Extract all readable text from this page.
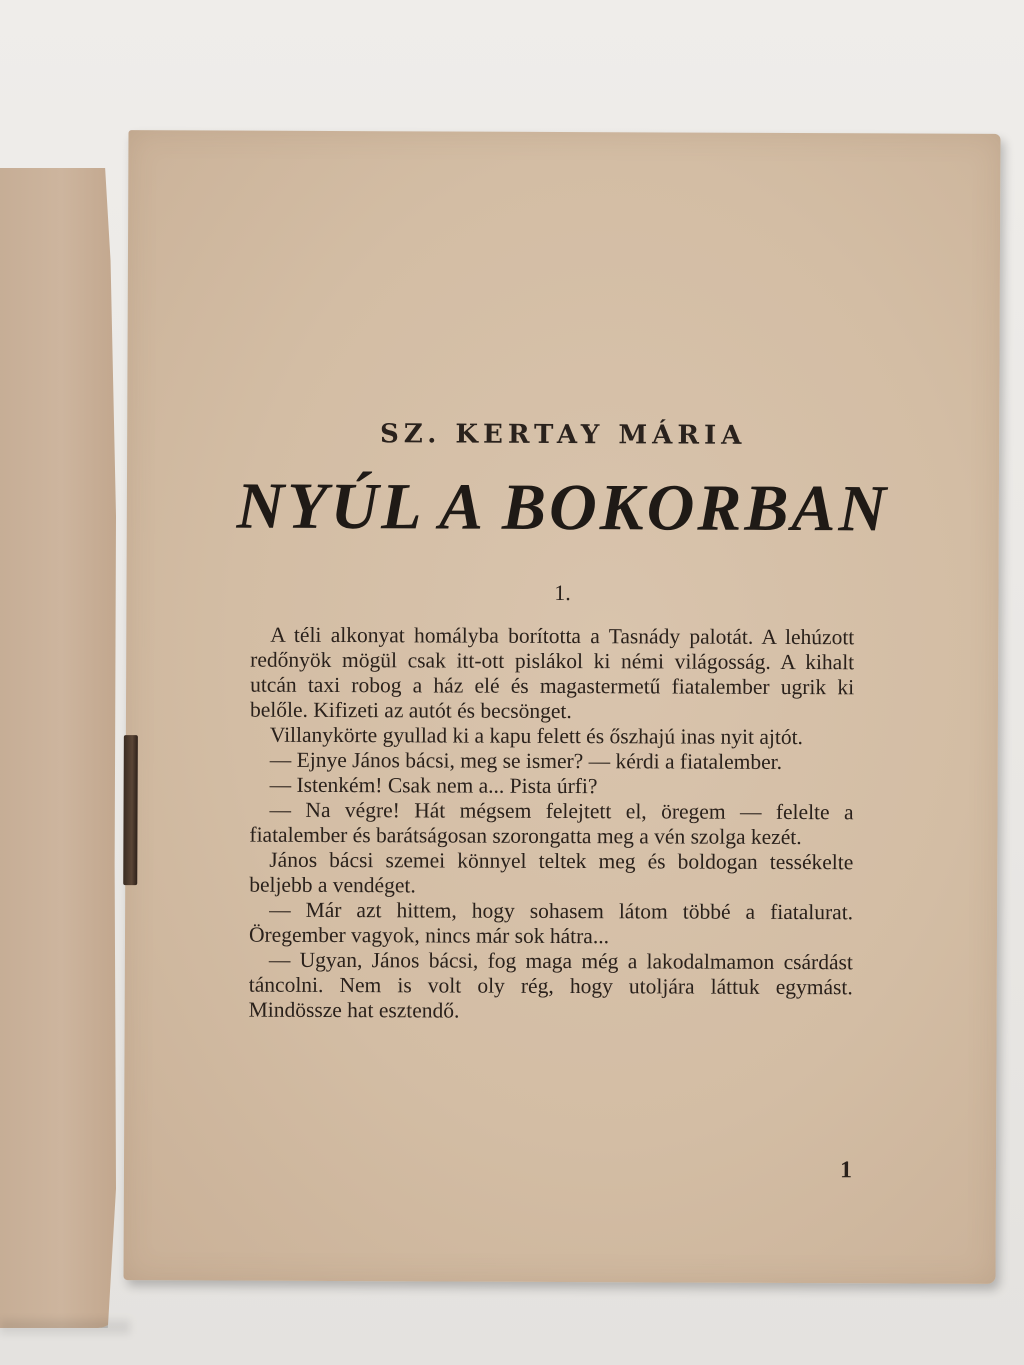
SZ. KERTAY MÁRIA
NYÚL A BOKORBAN
1.

A téli alkonyat homályba borította a Tasnády palotát. A lehúzott redőnyök mögül csak itt-ott pislákol ki némi világosság. A kihalt utcán taxi robog a ház elé és magastermetű fiatalember ugrik ki belőle. Kifizeti az autót és becsönget.

Villanykörte gyullad ki a kapu felett és őszhajú inas nyit ajtót.

— Ejnye János bácsi, meg se ismer? — kérdi a fiatalember.

— Istenkém! Csak nem a... Pista úrfi?

— Na végre! Hát mégsem felejtett el, öregem — felelte a fiatalember és barátságosan szorongatta meg a vén szolga kezét.

János bácsi szemei könnyel teltek meg és boldogan tessékelte beljebb a vendéget.

— Már azt hittem, hogy sohasem látom többé a fiatalurat. Öregember vagyok, nincs már sok hátra...

— Ugyan, János bácsi, fog maga még a lakodalmamon csárdást táncolni. Nem is volt oly rég, hogy utoljára láttuk egymást. Mindössze hat esztendő.

1
